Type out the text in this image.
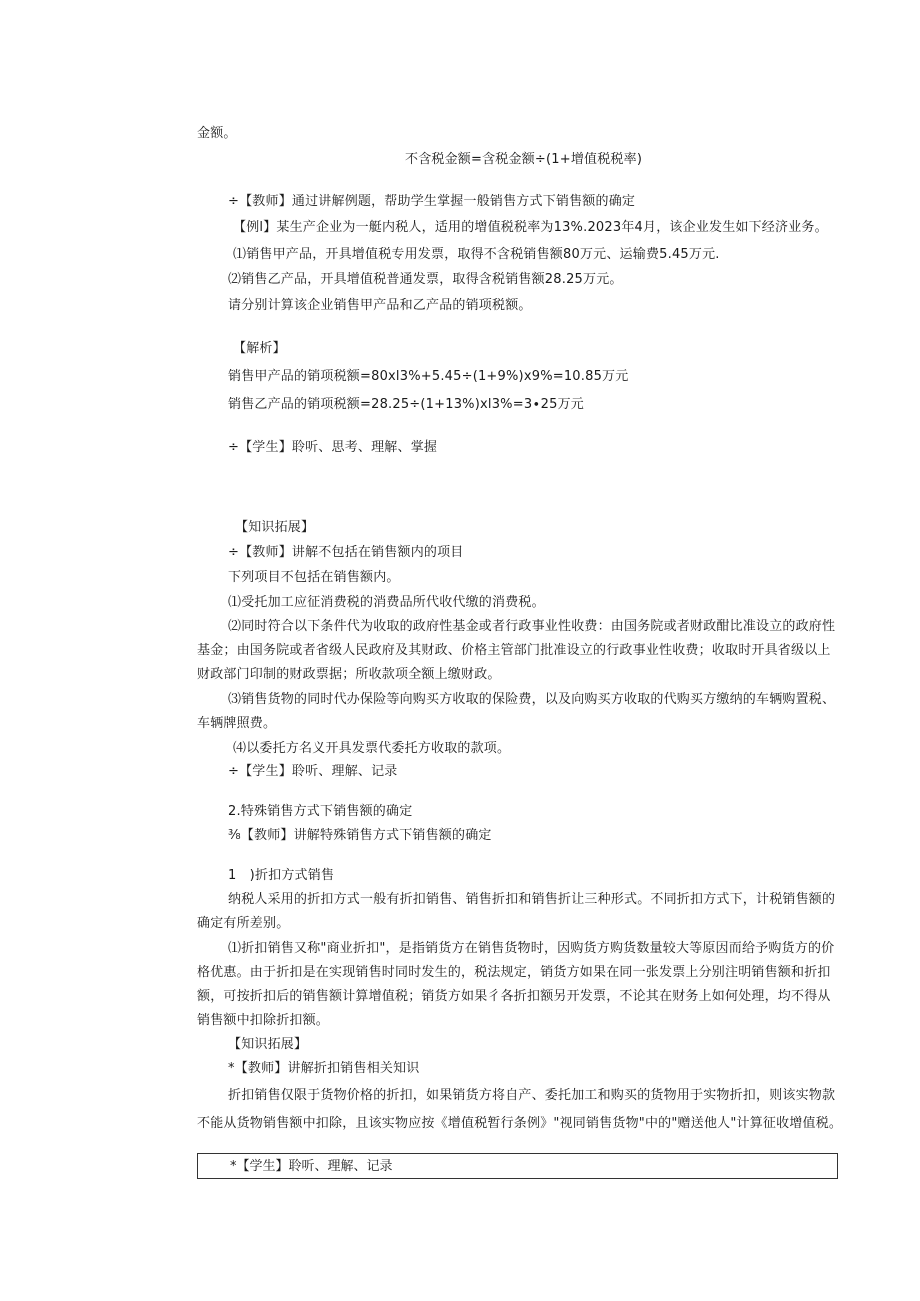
金额。
不含税金额=含税金额÷(1+增值税税率)
÷【教师】通过讲解例题，帮助学生掌握一般销售方式下销售额的确定
【例l】某生产企业为一艇内税人，适用的增值税税率为13%.2023年4月，该企业发生如下经济业务。
⑴销售甲产品，开具增值税专用发票，取得不含税销售额80万元、运输费5.45万元.
⑵销售乙产品，开具增值税普通发票，取得含税销售额28.25万元。
请分别计算该企业销售甲产品和乙产品的销项税额。
【解析】
销售甲产品的销项税额=80xl3%+5.45÷(1+9%)x9%=10.85万元
销售乙产品的销项税额=28.25÷(1+13%)xl3%=3∙25万元
÷【学生】聆听、思考、理解、掌握
【知识拓展】
÷【教师】讲解不包括在销售额内的项目
下列项目不包括在销售额内。
⑴受托加工应征消费税的消费品所代收代缴的消费税。
⑵同时符合以下条件代为收取的政府性基金或者行政事业性收费：由国务院或者财政酣比准设立的政府性
基金；由国务院或者省级人民政府及其财政、价格主管部门批准设立的行政事业性收费；收取时开具省级以上
财政部门印制的财政票据；所收款项全额上缴财政。
⑶销售货物的同时代办保险等向购买方收取的保险费，以及向购买方收取的代购买方缴纳的车辆购置税、
车辆牌照费。
⑷以委托方名义开具发票代委托方收取的款项。
÷【学生】聆听、理解、记录
2.特殊销售方式下销售额的确定
⅜【教师】讲解特殊销售方式下销售额的确定
1　)折扣方式销售
纳税人采用的折扣方式一般有折扣销售、销售折扣和销售折让三种形式。不同折扣方式下，计税销售额的
确定有所差别。
⑴折扣销售又称"商业折扣"，是指销货方在销售货物时，因购货方购货数量较大等原因而给予购货方的价
格优惠。由于折扣是在实现销售时同时发生的，税法规定，销货方如果在同一张发票上分别注明销售额和折扣
额，可按折扣后的销售额计算增值税；销货方如果彳各折扣额另开发票，不论其在财务上如何处理，均不得从
销售额中扣除折扣额。
【知识拓展】
*【教师】讲解折扣销售相关知识
折扣销售仅限于货物价格的折扣，如果销货方将自产、委托加工和购买的货物用于实物折扣，则该实物款
不能从货物销售额中扣除，且该实物应按《增值税暂行条例》"视同销售货物"中的"赠送他人"计算征收增值税。
*【学生】聆听、理解、记录
